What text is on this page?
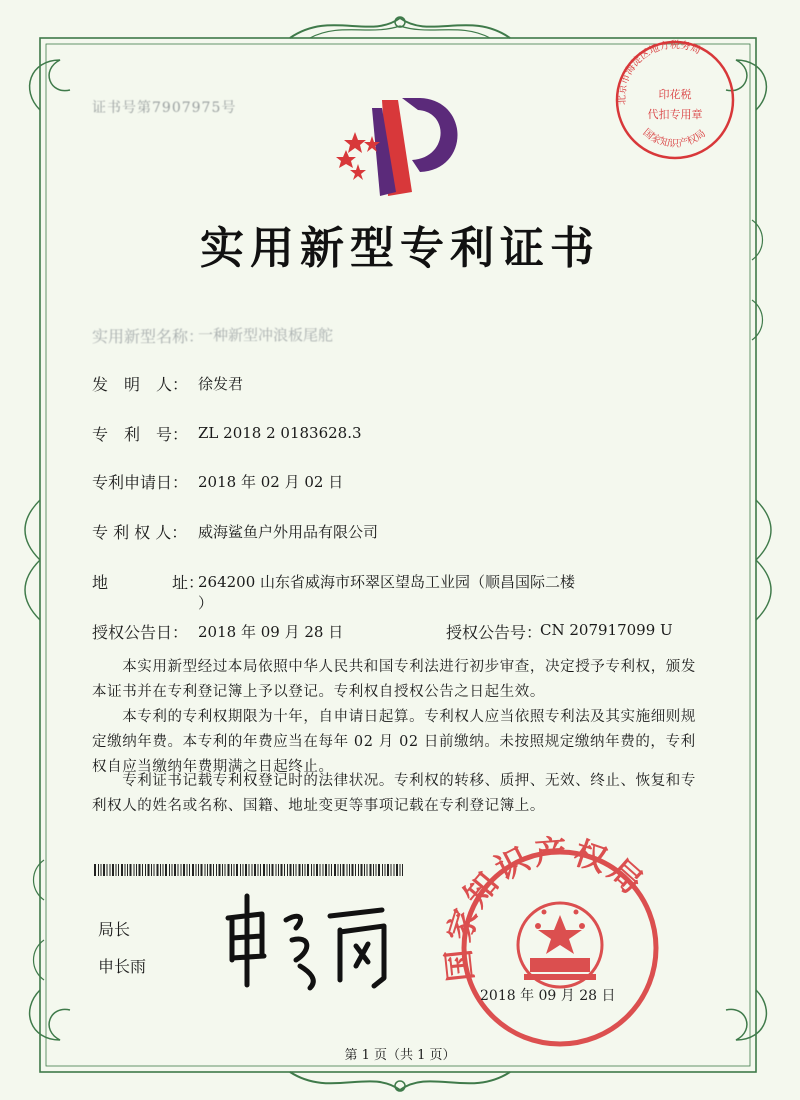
北京市海淀区地方税务局
印花税
代扣专用章
国家知识产权局
国家知识产权局
证书号第7907975号
实用新型专利证书
实用新型名称：
一种新型冲浪板尾舵
发　明　人： 徐发君
专　利　号： ZL 2018 2 0183628.3
专利申请日： 2018 年 02 月 02 日
专 利 权 人： 威海鲨鱼户外用品有限公司
地	址：
264200 山东省威海市环翠区望岛工业园（顺昌国际二楼
）
授权公告日： 2018 年 09 月 28 日	授权公告号：
CN 207917099 U
　　本实用新型经过本局依照中华人民共和国专利法进行初步审查，决定授予专利权，颁发本证书并在专利登记簿上予以登记。专利权自授权公告之日起生效。
　　本专利的专利权期限为十年，自申请日起算。专利权人应当依照专利法及其实施细则规定缴纳年费。本专利的年费应当在每年 02 月 02 日前缴纳。未按照规定缴纳年费的，专利权自应当缴纳年费期满之日起终止。
　　专利证书记载专利权登记时的法律状况。专利权的转移、质押、无效、终止、恢复和专利权人的姓名或名称、国籍、地址变更等事项记载在专利登记簿上。
局长
申长雨
2018 年 09 月 28 日
第 1 页（共 1 页）
